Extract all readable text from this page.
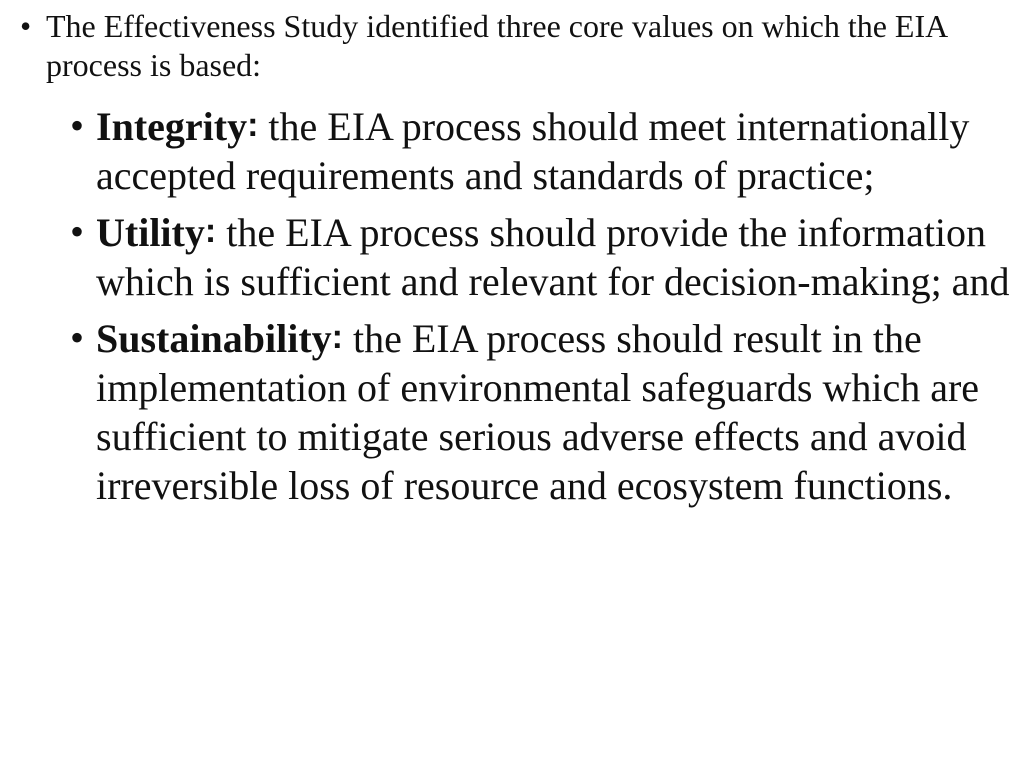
• The Effectiveness Study identified three core values on which the EIA process is based:
• Integrity: the EIA process should meet internationally accepted requirements and standards of practice;
• Utility: the EIA process should provide the information which is sufficient and relevant for decision-making; and
• Sustainability: the EIA process should result in the implementation of environmental safeguards which are sufficient to mitigate serious adverse effects and avoid irreversible loss of resource and ecosystem functions.
